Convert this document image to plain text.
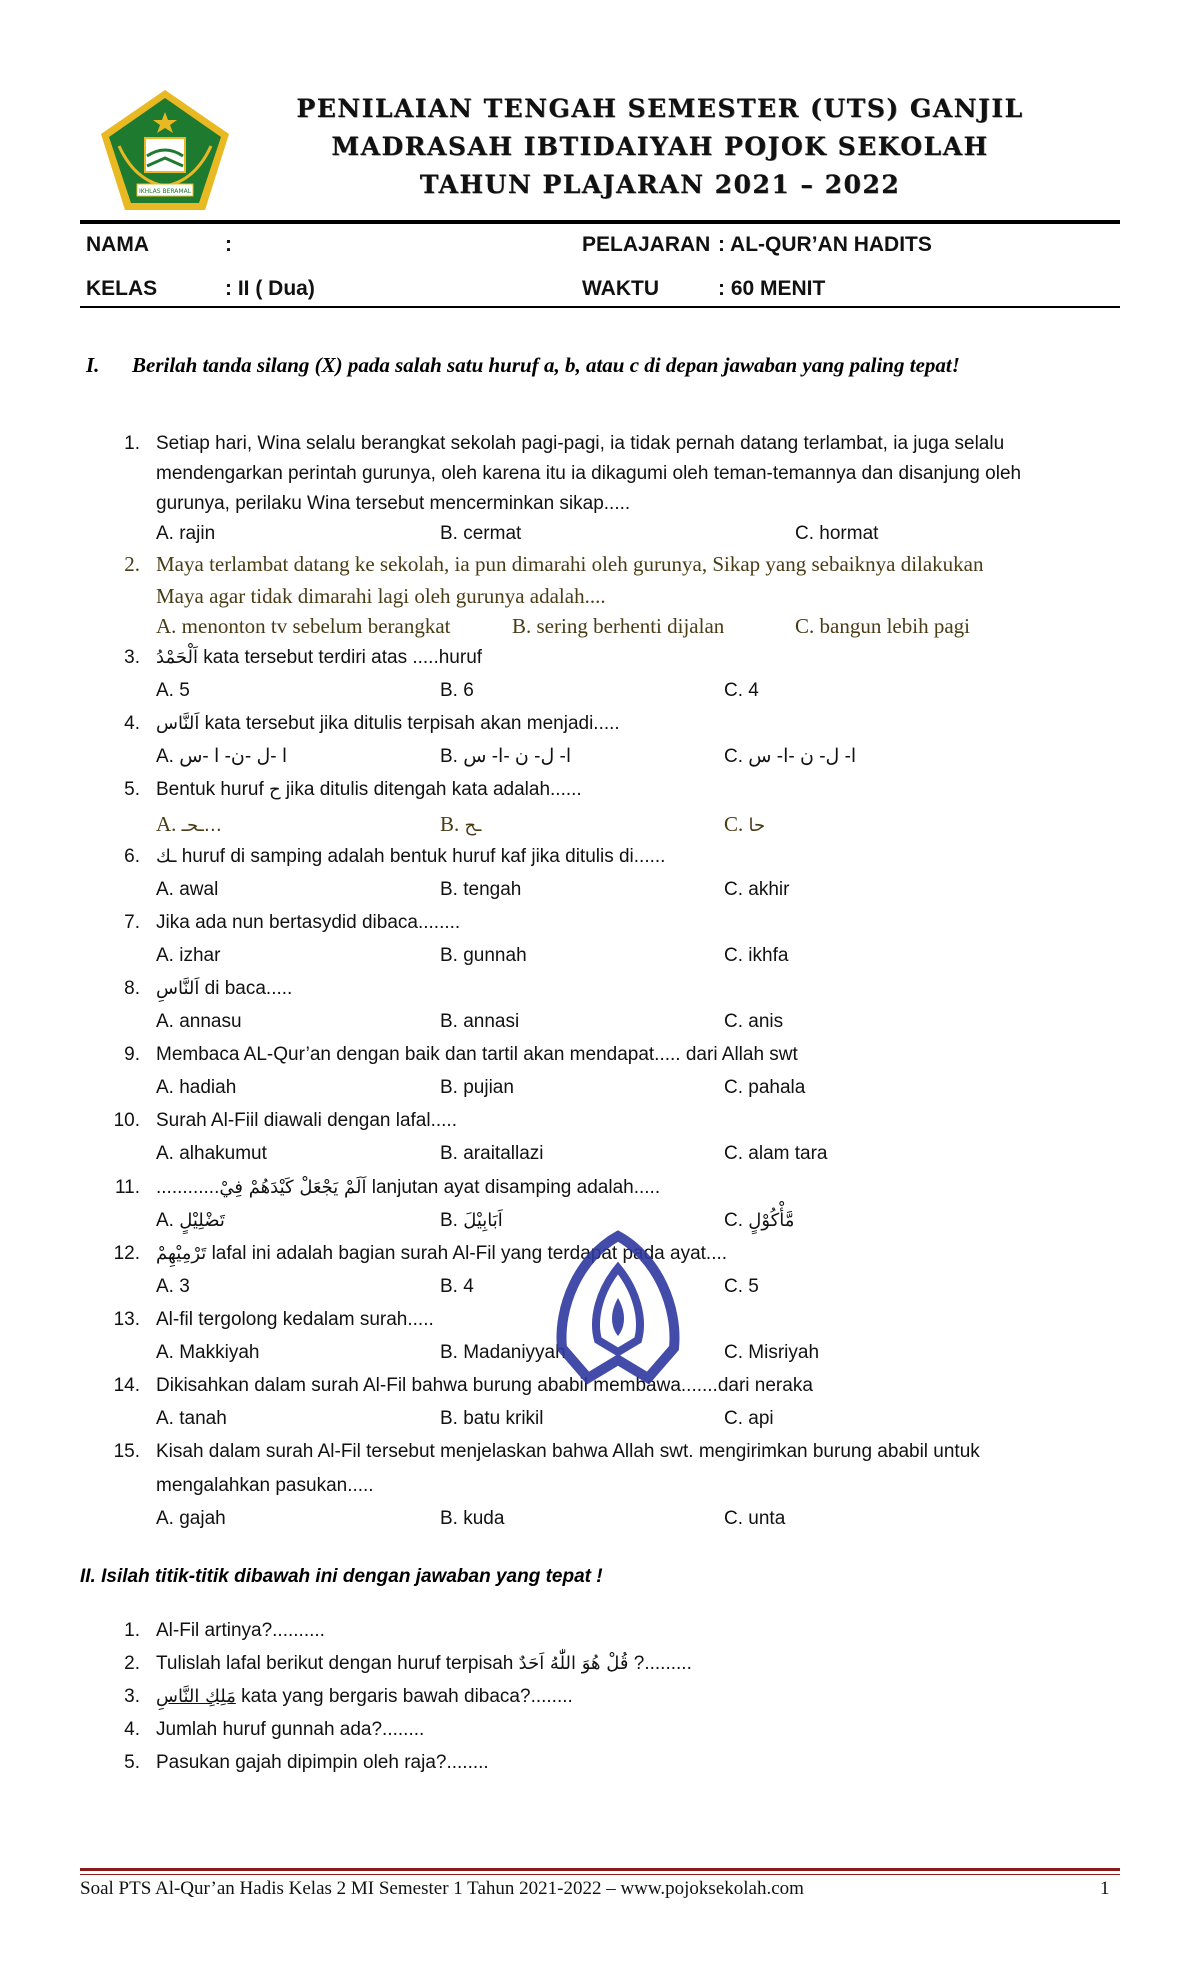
IKHLAS BERAMAL
PENILAIAN TENGAH SEMESTER (UTS) GANJIL
MADRASAH IBTIDAIYAH POJOK SEKOLAH
TAHUN PLAJARAN 2021 – 2022
NAMA	:	PELAJARAN : AL-QUR’AN HADITS
KELAS	: II ( Dua)	WAKTU	: 60 MENIT
I. Berilah tanda silang (X) pada salah satu huruf a, b, atau c di depan jawaban yang paling tepat!
1. Setiap hari, Wina selalu berangkat sekolah pagi-pagi, ia tidak pernah datang terlambat, ia juga selalu
mendengarkan perintah gurunya, oleh karena itu ia dikagumi oleh teman-temannya dan disanjung oleh
gurunya, perilaku Wina tersebut mencerminkan sikap.....
A. rajin	B. cermat	C. hormat
2. Maya terlambat datang ke sekolah, ia pun dimarahi oleh gurunya, Sikap yang sebaiknya dilakukan
Maya agar tidak dimarahi lagi oleh gurunya adalah....
A. menonton tv sebelum berangkat	B. sering berhenti dijalan	C. bangun lebih pagi
3. اَلْحَمْدُ kata tersebut terdiri atas .....huruf
A. 5	B. 6	C. 4
4. اَلنَّاس kata tersebut jika ditulis terpisah akan menjadi.....
A. ا -ل -ن- ا -س	B. ا- ل- ن -ا- س	C. ا- ل- ن -ا- س
5. Bentuk huruf ح jika ditulis ditengah kata adalah......
A. …ـحـ	B. ـح	C. حا
6. ـك huruf di samping adalah bentuk huruf kaf jika ditulis di......
A. awal	B. tengah	C. akhir
7. Jika ada nun bertasydid dibaca........
A. izhar	B. gunnah	C. ikhfa
8. اَلنَّاسِ di baca.....
A. annasu	B. annasi	C. anis
9. Membaca AL-Qur’an dengan baik dan tartil akan mendapat..... dari Allah swt
A. hadiah	B. pujian	C. pahala
10. Surah Al-Fiil diawali dengan lafal.....
A. alhakumut	B. araitallazi	C. alam tara
11. ............اَلَمْ يَجْعَلْ كَيْدَهُمْ فِيْ lanjutan ayat disamping adalah.....
A. تَضْلِيْلٍ	B. اَبَابِيْلَ	C. مَّأْكُوْلٍ
12. تَرْمِيْهِمْ lafal ini adalah bagian surah Al-Fil yang terdapat pada ayat....
A. 3	B. 4	C. 5
13. Al-fil tergolong kedalam surah.....
A. Makkiyah	B. Madaniyyah	C. Misriyah
14. Dikisahkan dalam surah Al-Fil bahwa burung ababil membawa.......dari neraka
A. tanah	B. batu krikil	C. api
15. Kisah dalam surah Al-Fil tersebut menjelaskan bahwa Allah swt. mengirimkan burung ababil untuk
mengalahkan pasukan.....
A. gajah	B. kuda	C. unta
II. Isilah titik-titik dibawah ini dengan jawaban yang tepat !
1. Al-Fil artinya?..........
2. Tulislah lafal berikut dengan huruf terpisah قُلْ هُوَ اللّٰهُ اَحَدٌ ?.........
3. مَلِكِ النَّاسِ kata yang bergaris bawah dibaca?........
4. Jumlah huruf gunnah ada?........
5. Pasukan gajah dipimpin oleh raja?........
Soal PTS Al-Qur’an Hadis Kelas 2 MI Semester 1 Tahun 2021-2022 – www.pojoksekolah.com	1
